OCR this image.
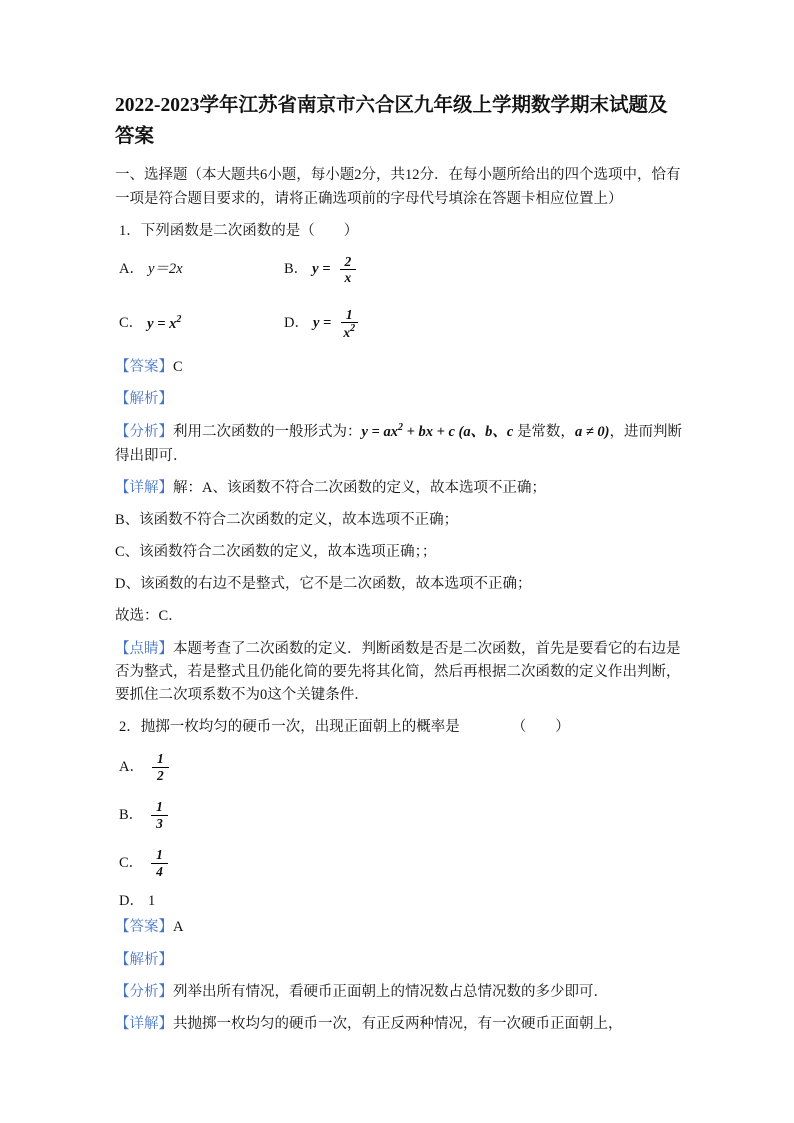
2022-2023学年江苏省南京市六合区九年级上学期数学期末试题及答案

一、选择题（本大题共6小题，每小题2分，共12分．在每小题所给出的四个选项中，恰有一项是符合题目要求的，请将正确选项前的字母代号填涂在答题卡相应位置上）

1．下列函数是二次函数的是（　　）

A． y＝2x	B． $y = \frac{2}{x}$
C． $y = x^2$	D． $y = \frac{1}{x^2}$

【答案】C

【解析】

【分析】利用二次函数的一般形式为：$y = ax^2$ + bx + c (a、b、c 是常数，a ≠ 0)，进而判断得出即可．

【详解】解：A、该函数不符合二次函数的定义，故本选项不正确；

B、该函数不符合二次函数的定义，故本选项不正确；

C、该函数符合二次函数的定义，故本选项正确；；

D、该函数的右边不是整式，它不是二次函数，故本选项不正确；

故选：C．

【点睛】本题考查了二次函数的定义．判断函数是否是二次函数，首先是要看它的右边是否为整式，若是整式且仍能化简的要先将其化简，然后再根据二次函数的定义作出判断，要抓住二次项系数不为0这个关键条件．

2．抛掷一枚均匀的硬币一次，出现正面朝上的概率是	（　　）

A． $\frac{1}{2}$
B． $\frac{1}{3}$
C． $\frac{1}{4}$
D． 1

【答案】A

【解析】

【分析】列举出所有情况，看硬币正面朝上的情况数占总情况数的多少即可．

【详解】共抛掷一枚均匀的硬币一次，有正反两种情况，有一次硬币正面朝上，
